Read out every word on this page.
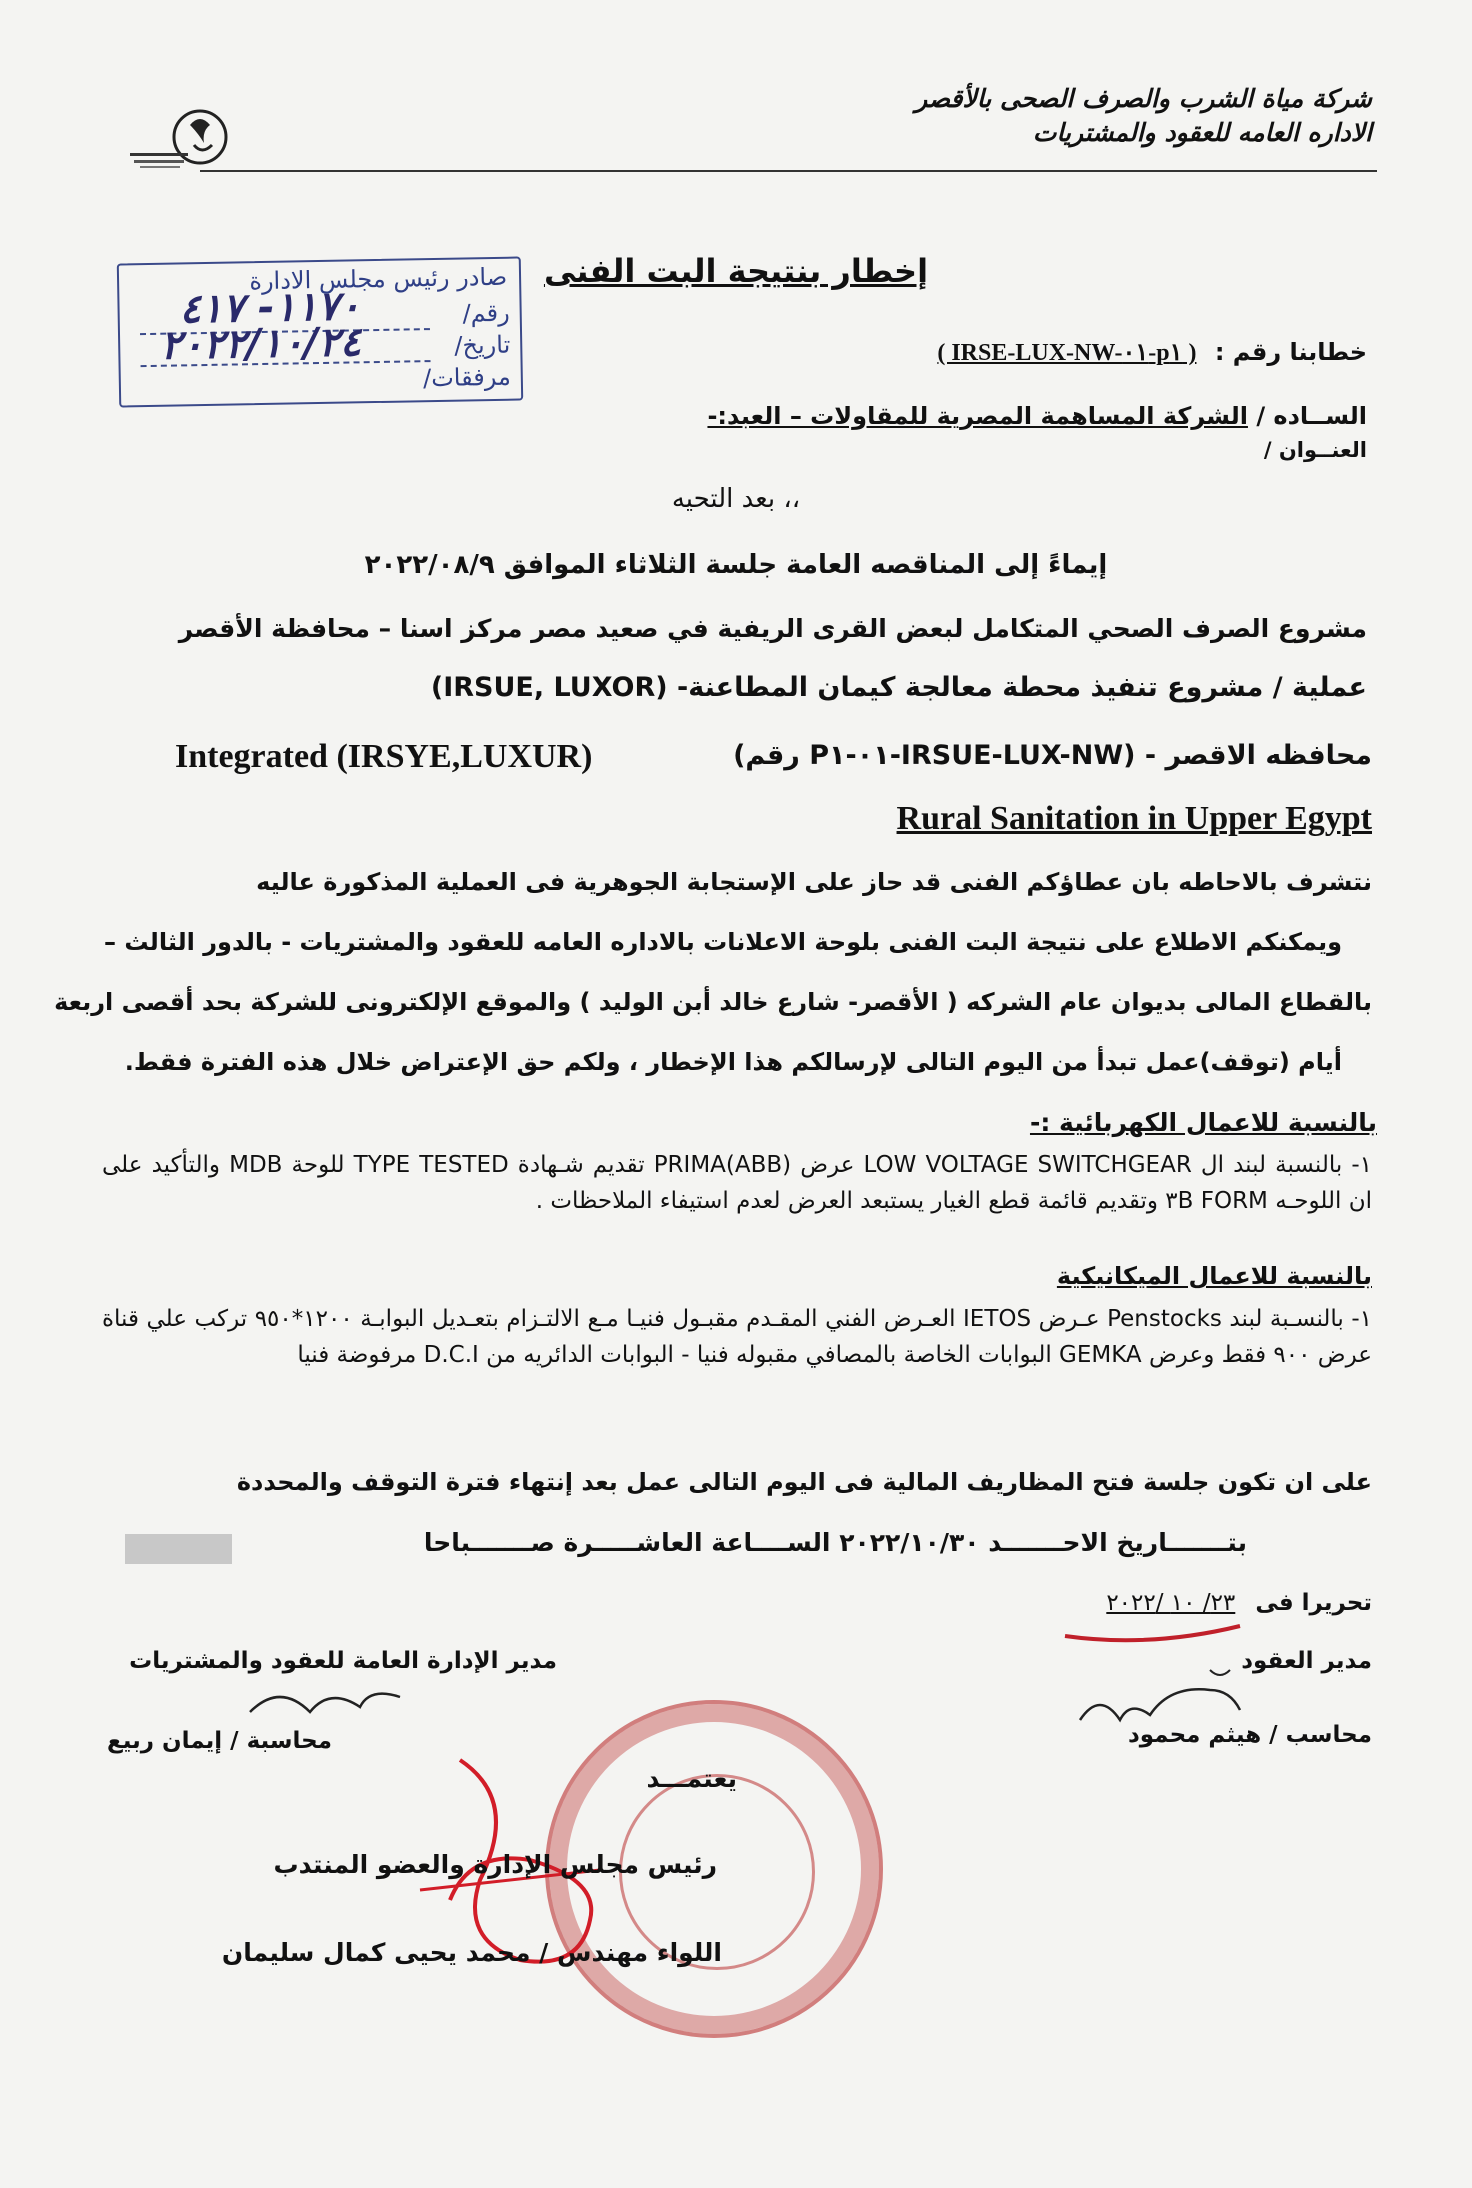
شركة مياة الشرب والصرف الصحى بالأقصر
الاداره العامه للعقود والمشتريات
صادر رئيس مجلس الادارة
رقم/
١١٧٠- ٤١٧
تاريخ/
٢٠٢٢/١٠/٢٤
مرفقات/
إخطار بنتيجة البت الفنى
خطابنا رقم : ( IRSE-LUX-NW-٠١-p١ )
الســاده / الشركة المساهمة المصرية للمقاولات – العبد:-
العنــوان /
بعد التحيه ،،
إيماءً إلى المناقصه العامة جلسة الثلاثاء الموافق ٢٠٢٢/٠٨/٩
مشروع الصرف الصحي المتكامل لبعض القرى الريفية في صعيد مصر مركز اسنا – محافظة الأقصر
عملية / مشروع تنفيذ محطة معالجة كيمان المطاعنة- (IRSUE, LUXOR)
Integrated (IRSYE,LUXUR)	محافظه الاقصر - (IRSUE-LUX-NW-٠١-P١ رقم)
Rural Sanitation in Upper Egypt
نتشرف بالاحاطه بان عطاؤكم الفنى قد حاز على الإستجابة الجوهرية فى العملية المذكورة عاليه
ويمكنكم الاطلاع على نتيجة البت الفنى بلوحة الاعلانات بالاداره العامه للعقود والمشتريات - بالدور الثالث –
بالقطاع المالى بديوان عام الشركه ( الأقصر- شارع خالد أبن الوليد ) والموقع الإلكترونى للشركة بحد أقصى اربعة
أيام (توقف)عمل تبدأ من اليوم التالى لإرسالكم هذا الإخطار ، ولكم حق الإعتراض خلال هذه الفترة فقط.
بالنسبة للاعمال الكهربائية :-
١- بالنسبة لبند ال LOW VOLTAGE SWITCHGEAR عرض PRIMA(ABB) تقديم شـهادة TYPE TESTED للوحة MDB والتأكيد على ان اللوحـه FORM ٣B وتقديم قائمة قطع الغيار يستبعد العرض لعدم استيفاء الملاحظات .
بالنسبة للاعمال الميكانيكية
١- بالنسـبة لبند Penstocks عـرض IETOS العـرض الفني المقـدم مقبـول فنيـا مـع الالتـزام بتعـديل البوابـة ١٢٠٠*٩٥٠ تركب علي قناة عرض ٩٠٠ فقط وعرض GEMKA البوابات الخاصة بالمصافي مقبوله فنيا - البوابات الدائريه من D.C.I مرفوضة فنيا
على ان تكون جلسة فتح المظاريف المالية فى اليوم التالى عمل بعد إنتهاء فترة التوقف والمحددة
بتـــــــاريخ الاحـــــــد ٢٠٢٢/١٠/٣٠ الســــاعة العاشـــــرة صـــــــباحا
تحريرا فى ٢٣/ ١٠ /٢٠٢٢
مدير العقود
محاسب / هيثم محمود
مدير الإدارة العامة للعقود والمشتريات
محاسبة / إيمان ربيع
يعتمـــد
رئيس مجلس الإدارة والعضو المنتدب
اللواء مهندس / محمد يحيى كمال سليمان
